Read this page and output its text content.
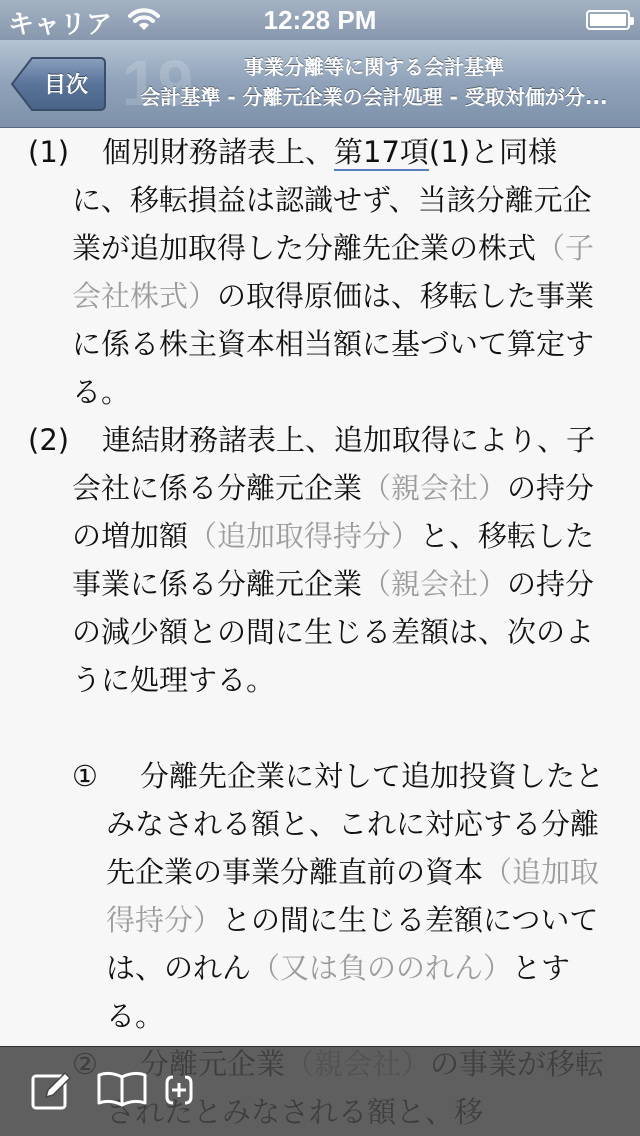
キャリア	12:28 PM
19
目次
事業分離等に関する会計基準
会計基準 - 分離元企業の会計処理 - 受取対価が分...
(1)	個別財務諸表上、第17項(1)と同様に、移転損益は認識せず、当該分離元企業が追加取得した分離先企業の株式（子会社株式）の取得原価は、移転した事業に係る株主資本相当額に基づいて算定する。
(2)	連結財務諸表上、追加取得により、子会社に係る分離元企業（親会社）の持分の増加額（追加取得持分）と、移転した事業に係る分離元企業（親会社）の持分の減少額との間に生じる差額は、次のように処理する。
①	分離先企業に対して追加投資したとみなされる額と、これに対応する分離先企業の事業分離直前の資本（追加取得持分）との間に生じる差額については、のれん（又は負ののれん）とする。
